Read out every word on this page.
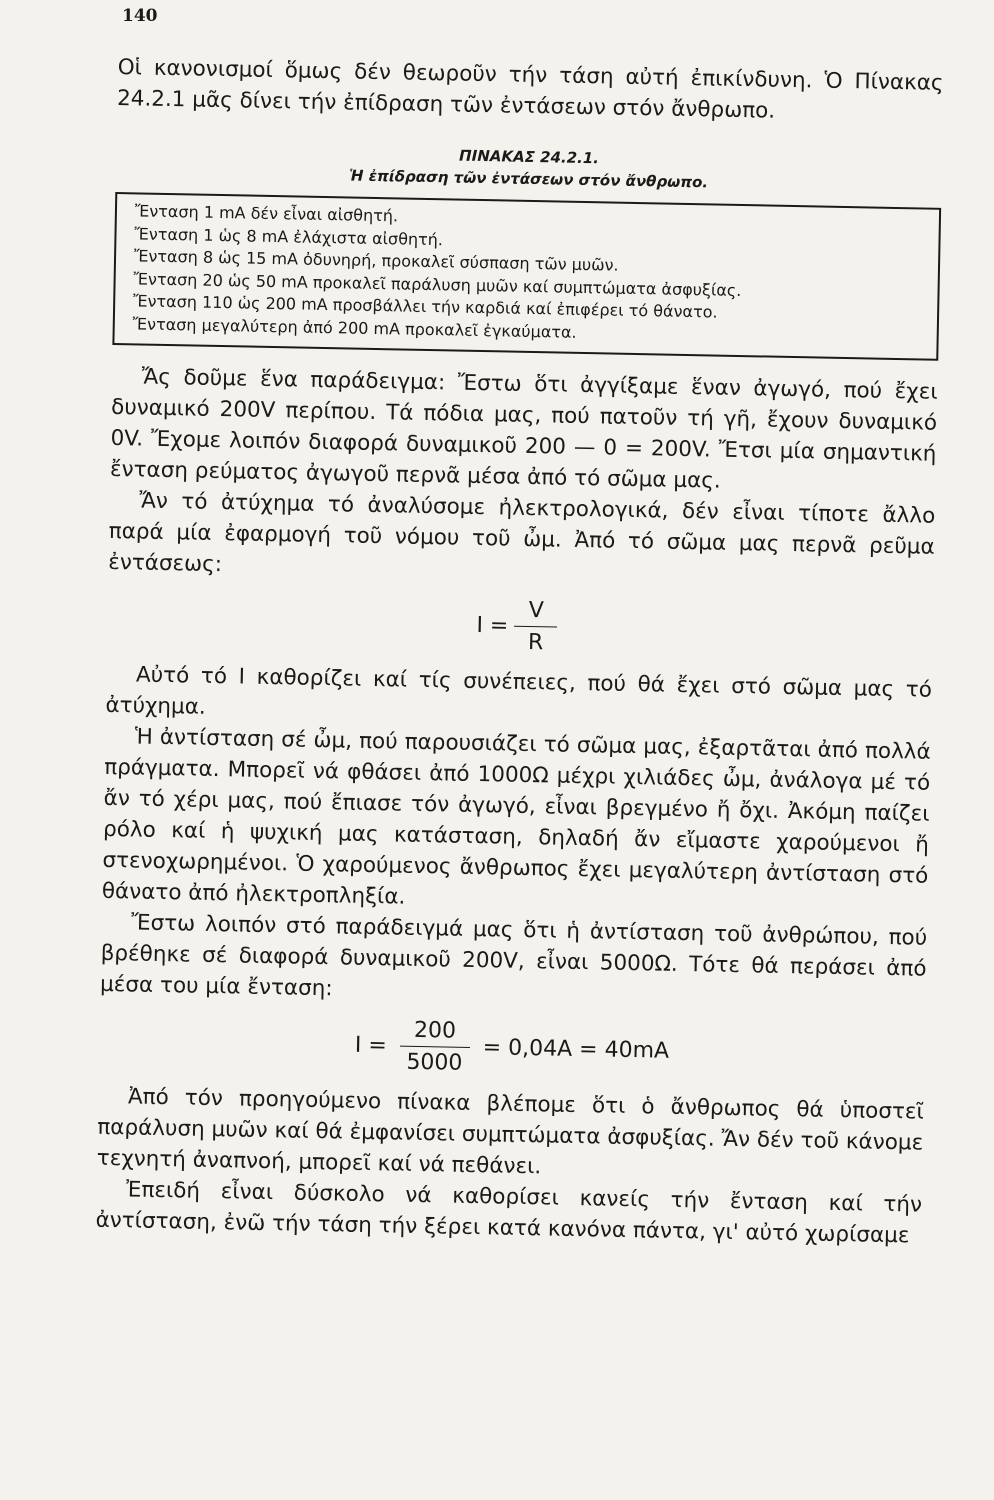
140

Οἱ κανονισμοί ὅμως δέν θεωροῦν τήν τάση αὐτή ἐπικίνδυνη. Ὁ Πίνακας 24.2.1 μᾶς δίνει τήν ἐπίδραση τῶν ἐντάσεων στόν ἄνθρωπο.

ΠΙΝΑΚΑΣ 24.2.1.
Ἡ ἐπίδραση τῶν ἐντάσεων στόν ἄνθρωπο.
Ἔνταση 1 mA δέν εἶναι αἰσθητή.
Ἔνταση 1 ὡς 8 mA ἐλάχιστα αἰσθητή.
Ἔνταση 8 ὡς 15 mA ὀδυνηρή, προκαλεῖ σύσπαση τῶν μυῶν.
Ἔνταση 20 ὡς 50 mA προκαλεῖ παράλυση μυῶν καί συμπτώματα ἀσφυξίας.
Ἔνταση 110 ὡς 200 mA προσβάλλει τήν καρδιά καί ἐπιφέρει τό θάνατο.
Ἔνταση μεγαλύτερη ἀπό 200 mA προκαλεῖ ἐγκαύματα.

Ἄς δοῦμε ἕνα παράδειγμα: Ἔστω ὅτι ἀγγίξαμε ἕναν ἀγωγό, πού ἔχει δυναμικό 200V περίπου. Τά πόδια μας, πού πατοῦν τή γῆ, ἔχουν δυναμικό 0V. Ἔχομε λοιπόν διαφορά δυναμικοῦ 200 — 0 = 200V. Ἔτσι μία σημαντική ἔνταση ρεύματος ἀγωγοῦ περνᾶ μέσα ἀπό τό σῶμα μας.

Ἄν τό ἀτύχημα τό ἀναλύσομε ἠλεκτρολογικά, δέν εἶναι τίποτε ἄλλο παρά μία ἐφαρμογή τοῦ νόμου τοῦ ὦμ. Ἀπό τό σῶμα μας περνᾶ ρεῦμα ἐντάσεως:

$I = \frac{V}{R}$

Αὐτό τό I καθορίζει καί τίς συνέπειες, πού θά ἔχει στό σῶμα μας τό ἀτύχημα.

Ἡ ἀντίσταση σέ ὦμ, πού παρουσιάζει τό σῶμα μας, ἐξαρτᾶται ἀπό πολλά πράγματα. Μπορεῖ νά φθάσει ἀπό 1000Ω μέχρι χιλιάδες ὦμ, ἀνάλογα μέ τό ἄν τό χέρι μας, πού ἔπιασε τόν ἀγωγό, εἶναι βρεγμένο ἤ ὄχι. Ἀκόμη παίζει ρόλο καί ἡ ψυχική μας κατάσταση, δηλαδή ἄν εἴμαστε χαρούμενοι ἤ στενοχωρημένοι. Ὁ χαρούμενος ἄνθρωπος ἔχει μεγαλύτερη ἀντίσταση στό θάνατο ἀπό ἠλεκτροπληξία.

Ἔστω λοιπόν στό παράδειγμά μας ὅτι ἡ ἀντίσταση τοῦ ἀνθρώπου, πού βρέθηκε σέ διαφορά δυναμικοῦ 200V, εἶναι 5000Ω. Τότε θά περάσει ἀπό μέσα του μία ἔνταση:

$I = \frac{200}{5000} = 0,04A = 40mA$

Ἀπό τόν προηγούμενο πίνακα βλέπομε ὅτι ὁ ἄνθρωπος θά ὑποστεῖ παράλυση μυῶν καί θά ἐμφανίσει συμπτώματα ἀσφυξίας. Ἄν δέν τοῦ κάνομε τεχνητή ἀναπνοή, μπορεῖ καί νά πεθάνει.

Ἐπειδή εἶναι δύσκολο νά καθορίσει κανείς τήν ἔνταση καί τήν ἀντίσταση, ἐνῶ τήν τάση τήν ξέρει κατά κανόνα πάντα, γι' αὐτό χωρίσαμε
